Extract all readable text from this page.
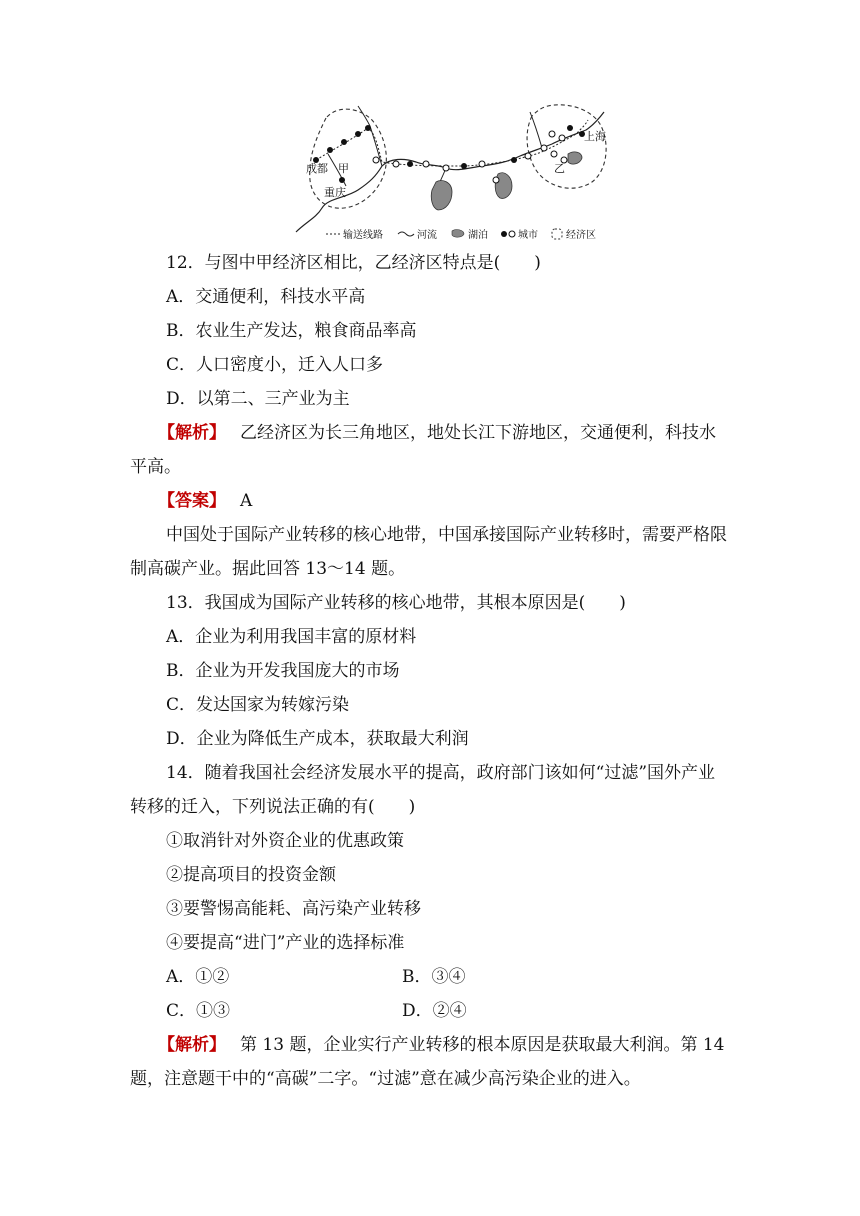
成都 甲
重庆
上海
乙
输送线路	河流	湖泊	城市	经济区
12．与图中甲经济区相比，乙经济区特点是(　　)
A．交通便利，科技水平高
B．农业生产发达，粮食商品率高
C．人口密度小，迁入人口多
D．以第二、三产业为主
【解析】 乙经济区为长三角地区，地处长江下游地区，交通便利，科技水
平高。
【答案】 A
中国处于国际产业转移的核心地带，中国承接国际产业转移时，需要严格限
制高碳产业。据此回答 13～14 题。
13．我国成为国际产业转移的核心地带，其根本原因是(　　)
A．企业为利用我国丰富的原材料
B．企业为开发我国庞大的市场
C．发达国家为转嫁污染
D．企业为降低生产成本，获取最大利润
14．随着我国社会经济发展水平的提高，政府部门该如何“过滤”国外产业
转移的迁入，下列说法正确的有(　　)
①取消针对外资企业的优惠政策
②提高项目的投资金额
③要警惕高能耗、高污染产业转移
④要提高“进门”产业的选择标准
A．①②	B．③④
C．①③	D．②④
【解析】 第 13 题，企业实行产业转移的根本原因是获取最大利润。第 14
题，注意题干中的“高碳”二字。“过滤”意在减少高污染企业的进入。
